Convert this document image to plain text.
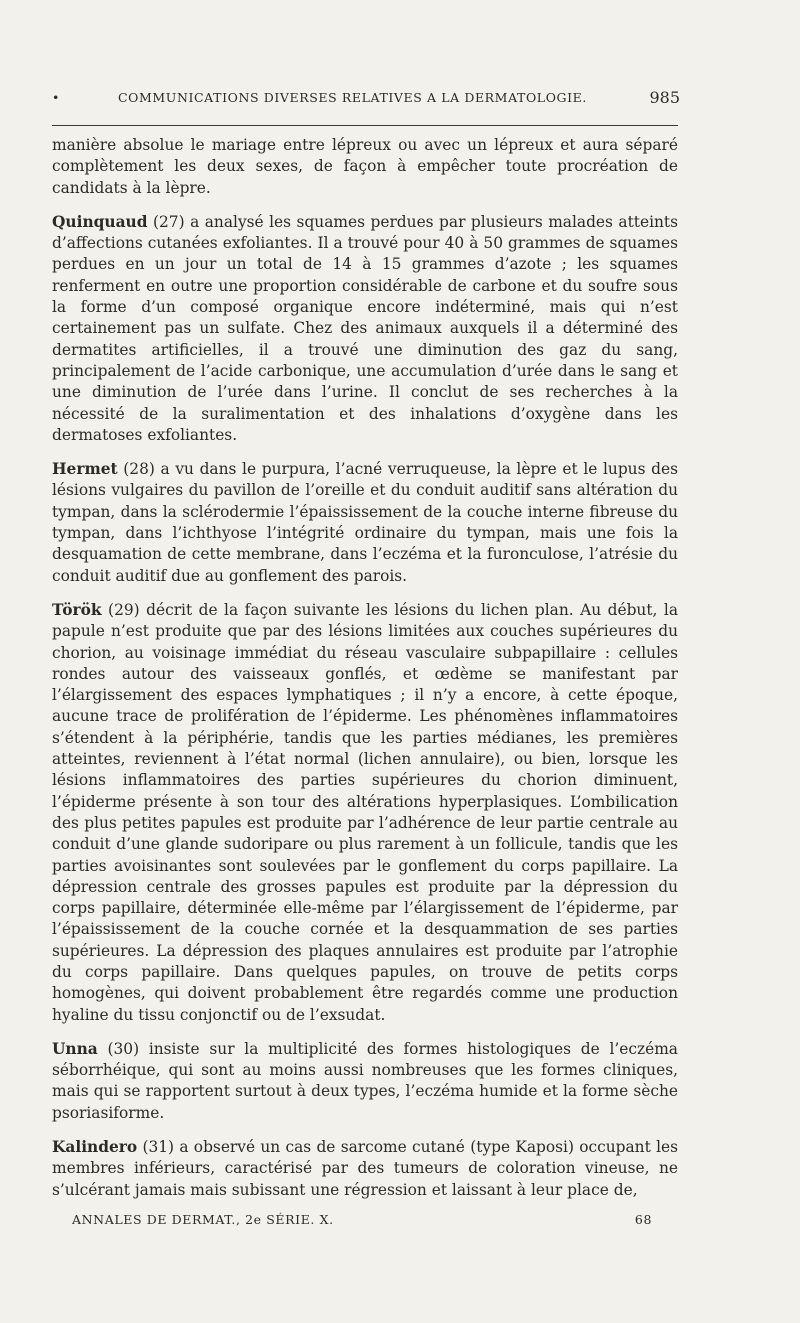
•	COMMUNICATIONS DIVERSES RELATIVES A LA DERMATOLOGIE.	985

manière absolue le mariage entre lépreux ou avec un lépreux et aura séparé complètement les deux sexes, de façon à empêcher toute procréation de candidats à la lèpre.

Quinquaud (27) a analysé les squames perdues par plusieurs malades atteints d’affections cutanées exfoliantes. Il a trouvé pour 40 à 50 grammes de squames perdues en un jour un total de 14 à 15 grammes d’azote ; les squames renferment en outre une proportion considérable de carbone et du soufre sous la forme d’un composé organique encore indéterminé, mais qui n’est certainement pas un sulfate. Chez des animaux auxquels il a déterminé des dermatites artificielles, il a trouvé une diminution des gaz du sang, principalement de l’acide carbonique, une accumulation d’urée dans le sang et une diminution de l’urée dans l’urine. Il conclut de ses recherches à la nécessité de la suralimentation et des inhalations d’oxygène dans les dermatoses exfoliantes.

Hermet (28) a vu dans le purpura, l’acné verruqueuse, la lèpre et le lupus des lésions vulgaires du pavillon de l’oreille et du conduit auditif sans altération du tympan, dans la sclérodermie l’épaississement de la couche interne fibreuse du tympan, dans l’ichthyose l’intégrité ordinaire du tympan, mais une fois la desquamation de cette membrane, dans l’eczéma et la furonculose, l’atrésie du conduit auditif due au gonflement des parois.

Török (29) décrit de la façon suivante les lésions du lichen plan. Au début, la papule n’est produite que par des lésions limitées aux couches supérieures du chorion, au voisinage immédiat du réseau vasculaire subpapillaire : cellules rondes autour des vaisseaux gonflés, et œdème se manifestant par l’élargissement des espaces lymphatiques ; il n’y a encore, à cette époque, aucune trace de prolifération de l’épiderme. Les phénomènes inflammatoires s’étendent à la périphérie, tandis que les parties médianes, les premières atteintes, reviennent à l’état normal (lichen annulaire), ou bien, lorsque les lésions inflammatoires des parties supérieures du chorion diminuent, l’épiderme présente à son tour des altérations hyperplasiques. L’ombilication des plus petites papules est produite par l’adhérence de leur partie centrale au conduit d’une glande sudoripare ou plus rarement à un follicule, tandis que les parties avoisinantes sont soulevées par le gonflement du corps papillaire. La dépression centrale des grosses papules est produite par la dépression du corps papillaire, déterminée elle-même par l’élargissement de l’épiderme, par l’épaississement de la couche cornée et la desquammation de ses parties supérieures. La dépression des plaques annulaires est produite par l’atrophie du corps papillaire. Dans quelques papules, on trouve de petits corps homogènes, qui doivent probablement être regardés comme une production hyaline du tissu conjonctif ou de l’exsudat.

Unna (30) insiste sur la multiplicité des formes histologiques de l’eczéma séborrhéique, qui sont au moins aussi nombreuses que les formes cliniques, mais qui se rapportent surtout à deux types, l’eczéma humide et la forme sèche psoriasiforme.

Kalindero (31) a observé un cas de sarcome cutané (type Kaposi) occupant les membres inférieurs, caractérisé par des tumeurs de coloration vineuse, ne s’ulcérant jamais mais subissant une régression et laissant à leur place de,

ANNALES DE DERMAT., 2e SÉRIE. X.	68
